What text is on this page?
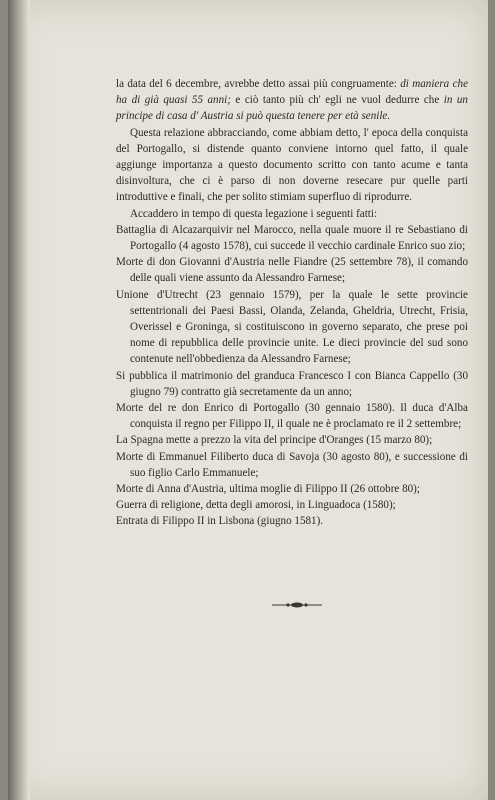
la data del 6 decembre, avrebbe detto assai più congruamente: di maniera che ha di già quasi 55 anni; e ciò tanto più ch' egli ne vuol dedurre che in un principe di casa d' Austria si può questa tenere per età senile.

Questa relazione abbracciando, come abbiam detto, l' epoca della conquista del Portogallo, si distende quanto conviene intorno quel fatto, il quale aggiunge importanza a questo documento scritto con tanto acume e tanta disinvoltura, che ci è parso di non doverne resecare pur quelle parti introduttive e finali, che per solito stimiam superfluo di riprodurre.

Accaddero in tempo di questa legazione i seguenti fatti:

Battaglia di Alcazarquivir nel Marocco, nella quale muore il re Sebastiano di Portogallo (4 agosto 1578), cui succede il vecchio cardinale Enrico suo zio;

Morte di don Giovanni d'Austria nelle Fiandre (25 settembre 78), il comando delle quali viene assunto da Alessandro Farnese;

Unione d'Utrecht (23 gennaio 1579), per la quale le sette provincie settentrionali dei Paesi Bassi, Olanda, Zelanda, Gheldria, Utrecht, Frisia, Overissel e Groninga, si costituiscono in governo separato, che prese poi nome di repubblica delle provincie unite. Le dieci provincie del sud sono contenute nell'obbedienza da Alessandro Farnese;

Si pubblica il matrimonio del granduca Francesco I con Bianca Cappello (30 giugno 79) contratto già secretamente da un anno;

Morte del re don Enrico di Portogallo (30 gennaio 1580). Il duca d'Alba conquista il regno per Filippo II, il quale ne è proclamato re il 2 settembre;

La Spagna mette a prezzo la vita del principe d'Oranges (15 marzo 80);

Morte di Emmanuel Filiberto duca di Savoja (30 agosto 80), e successione di suo figlio Carlo Emmanuele;

Morte di Anna d'Austria, ultima moglie di Filippo II (26 ottobre 80);

Guerra di religione, detta degli amorosi, in Linguadoca (1580);

Entrata di Filippo II in Lisbona (giugno 1581).
